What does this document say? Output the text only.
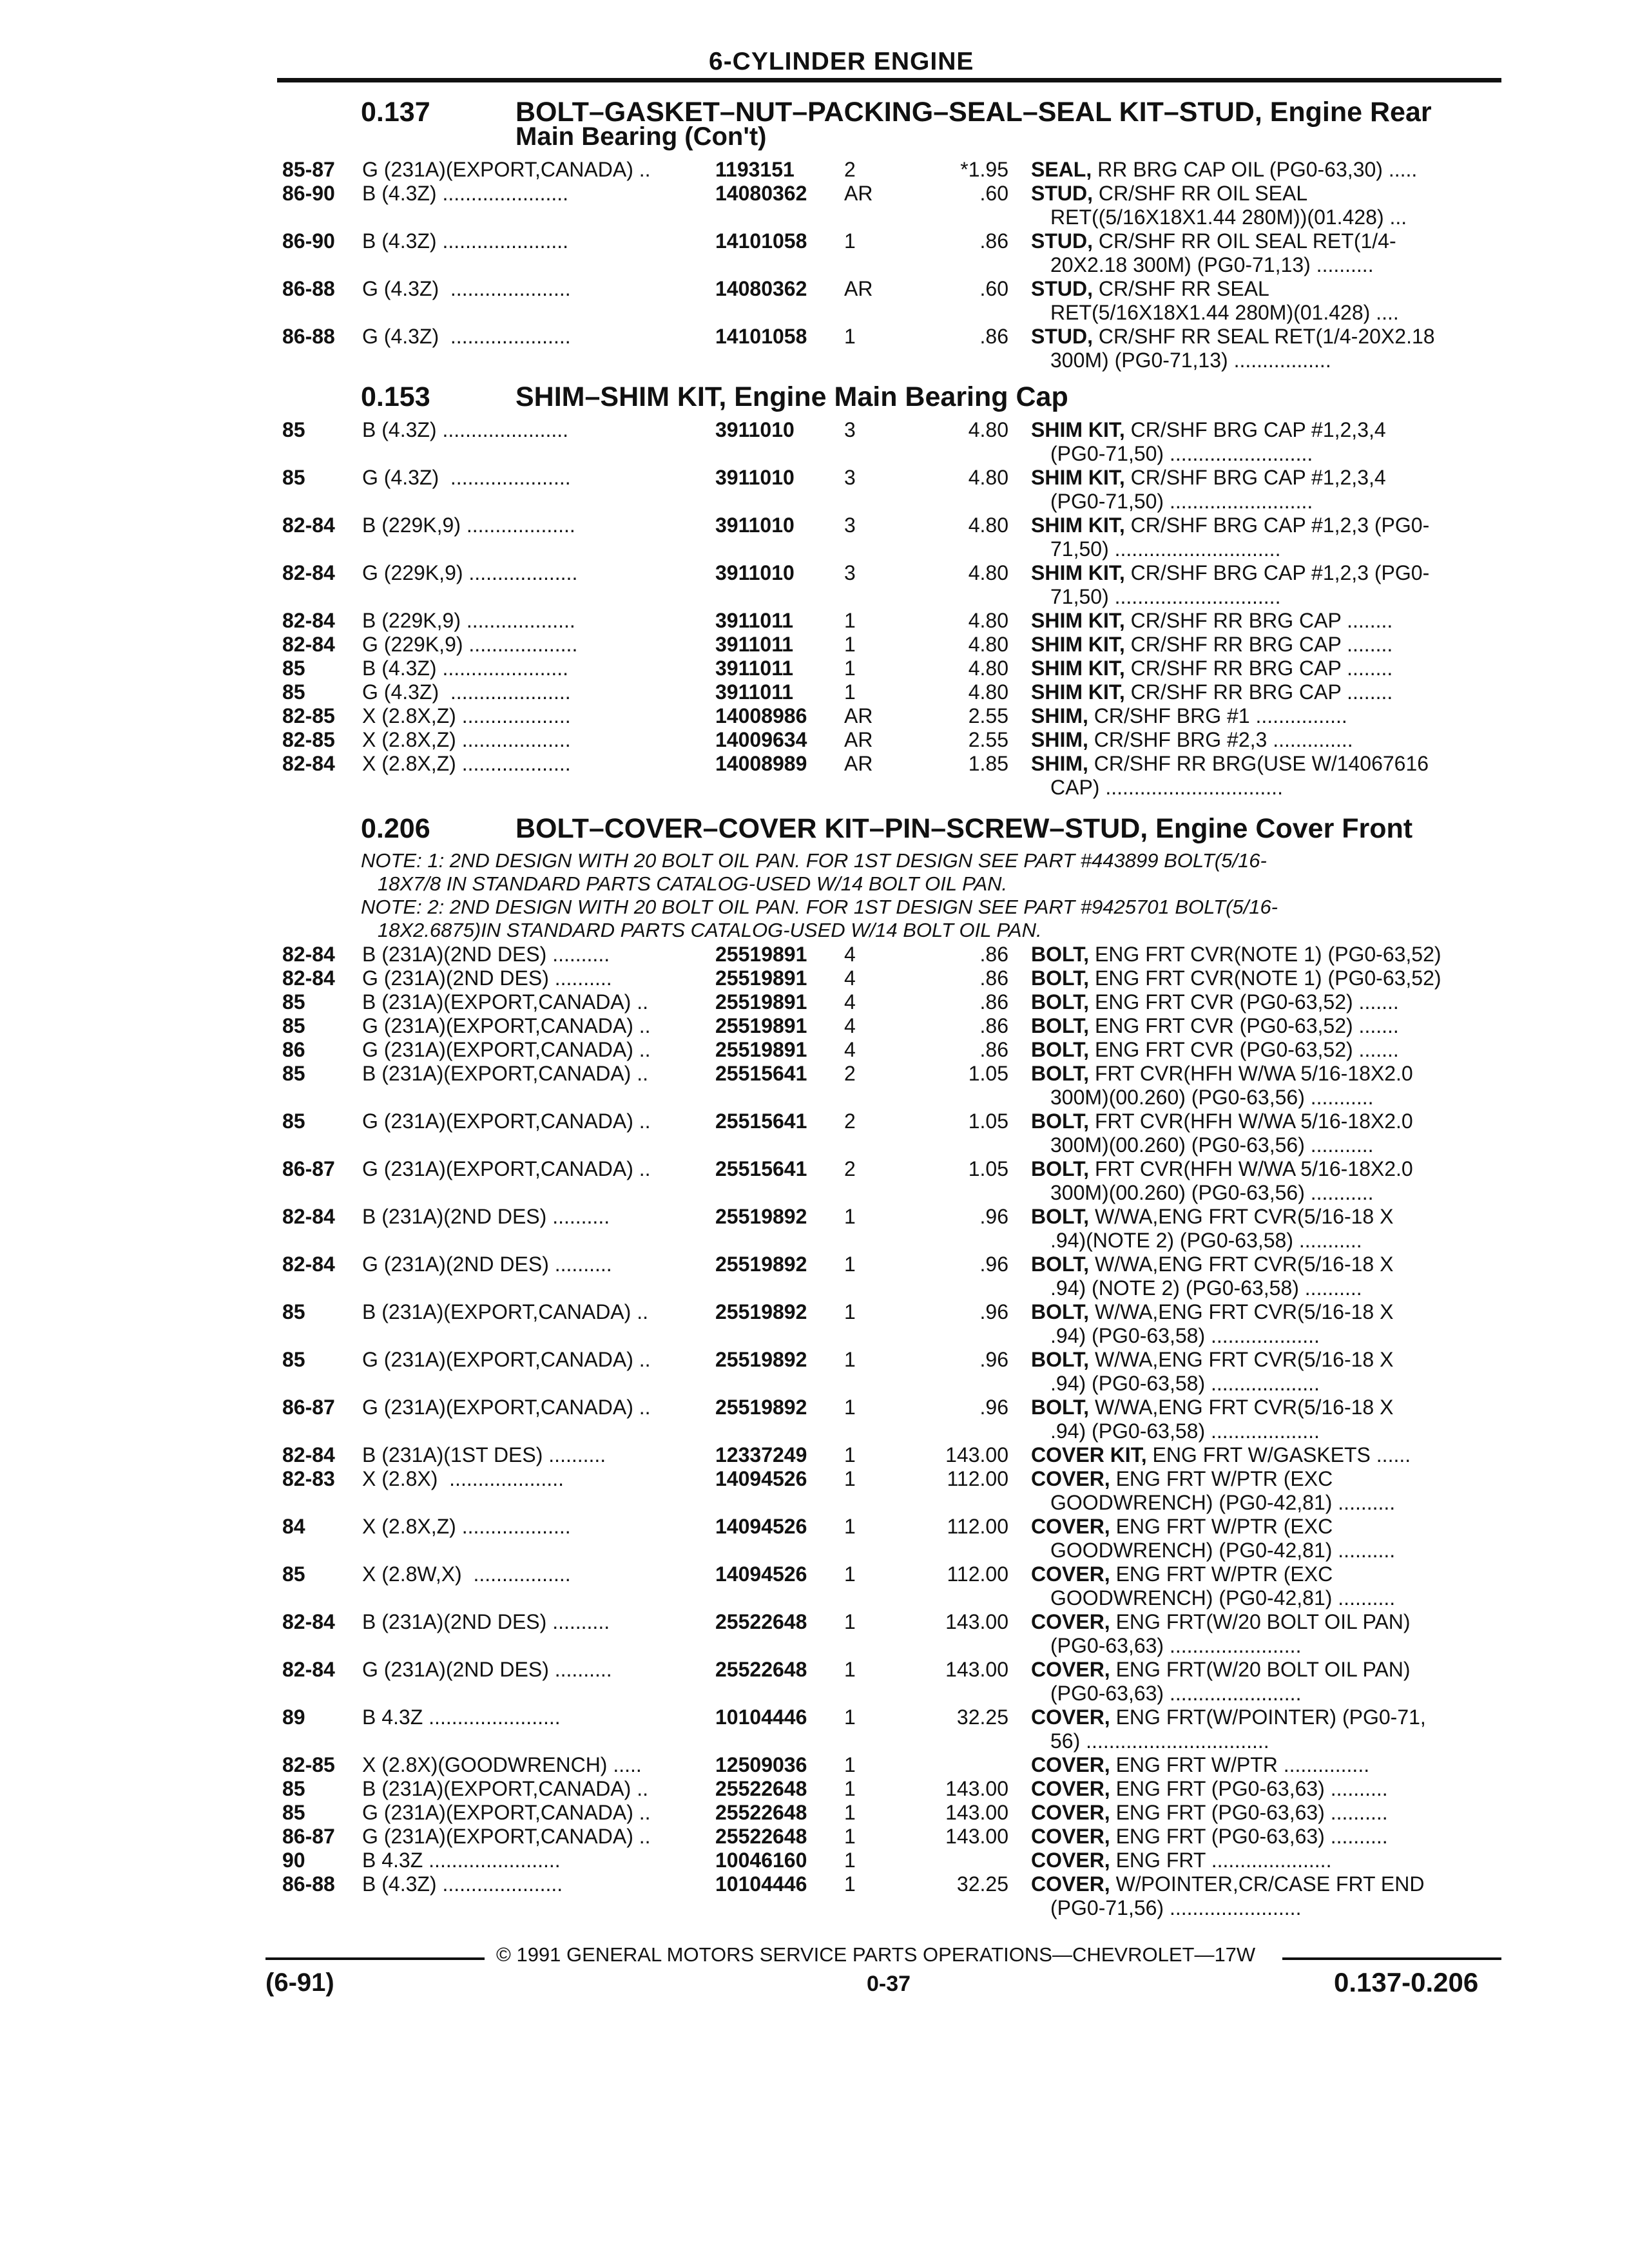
6-CYLINDER ENGINE
0.137	BOLT–GASKET–NUT–PACKING–SEAL–SEAL KIT–STUD, Engine Rear
Main Bearing (Con't)
85-87 G (231A)(EXPORT,CANADA) ..	1193151 2	*1.95 SEAL, RR BRG CAP OIL (PG0-63,30) .....
86-90 B (4.3Z) ......................	14080362 AR	.60 STUD, CR/SHF RR OIL SEAL
RET((5/16X18X1.44 280M))(01.428) ...
86-90 B (4.3Z) ......................	14101058 1	.86 STUD, CR/SHF RR OIL SEAL RET(1/4-
20X2.18 300M) (PG0-71,13) ..........
86-88 G (4.3Z)  .....................	14080362 AR	.60 STUD, CR/SHF RR SEAL
RET(5/16X18X1.44 280M)(01.428) ....
86-88 G (4.3Z)  .....................	14101058 1	.86 STUD, CR/SHF RR SEAL RET(1/4-20X2.18
300M) (PG0-71,13) .................
0.153	SHIM–SHIM KIT, Engine Main Bearing Cap
85	B (4.3Z) ......................	3911010 3	4.80 SHIM KIT, CR/SHF BRG CAP #1,2,3,4
(PG0-71,50) .........................
85	G (4.3Z)  .....................	3911010 3	4.80 SHIM KIT, CR/SHF BRG CAP #1,2,3,4
(PG0-71,50) .........................
82-84 B (229K,9) ...................	3911010 3	4.80 SHIM KIT, CR/SHF BRG CAP #1,2,3 (PG0-
71,50) .............................
82-84 G (229K,9) ...................	3911010 3	4.80 SHIM KIT, CR/SHF BRG CAP #1,2,3 (PG0-
71,50) .............................
82-84 B (229K,9) ...................	3911011 1	4.80 SHIM KIT, CR/SHF RR BRG CAP ........
82-84 G (229K,9) ...................	3911011 1	4.80 SHIM KIT, CR/SHF RR BRG CAP ........
85	B (4.3Z) ......................	3911011 1	4.80 SHIM KIT, CR/SHF RR BRG CAP ........
85	G (4.3Z)  .....................	3911011 1	4.80 SHIM KIT, CR/SHF RR BRG CAP ........
82-85 X (2.8X,Z) ...................	14008986 AR	2.55 SHIM, CR/SHF BRG #1 ................
82-85 X (2.8X,Z) ...................	14009634 AR	2.55 SHIM, CR/SHF BRG #2,3 ..............
82-84 X (2.8X,Z) ...................	14008989 AR	1.85 SHIM, CR/SHF RR BRG(USE W/14067616
CAP) ...............................
0.206	BOLT–COVER–COVER KIT–PIN–SCREW–STUD, Engine Cover Front
NOTE: 1: 2ND DESIGN WITH 20 BOLT OIL PAN. FOR 1ST DESIGN SEE PART #443899 BOLT(5/16-
18X7/8 IN STANDARD PARTS CATALOG-USED W/14 BOLT OIL PAN.
NOTE: 2: 2ND DESIGN WITH 20 BOLT OIL PAN. FOR 1ST DESIGN SEE PART #9425701 BOLT(5/16-
18X2.6875)IN STANDARD PARTS CATALOG-USED W/14 BOLT OIL PAN.
82-84 B (231A)(2ND DES) ..........	25519891 4	.86 BOLT, ENG FRT CVR(NOTE 1) (PG0-63,52)
82-84 G (231A)(2ND DES) ..........	25519891 4	.86 BOLT, ENG FRT CVR(NOTE 1) (PG0-63,52)
85	B (231A)(EXPORT,CANADA) ..	25519891 4	.86 BOLT, ENG FRT CVR (PG0-63,52) .......
85	G (231A)(EXPORT,CANADA) ..	25519891 4	.86 BOLT, ENG FRT CVR (PG0-63,52) .......
86	G (231A)(EXPORT,CANADA) ..	25519891 4	.86 BOLT, ENG FRT CVR (PG0-63,52) .......
85	B (231A)(EXPORT,CANADA) ..	25515641 2	1.05 BOLT, FRT CVR(HFH W/WA 5/16-18X2.0
300M)(00.260) (PG0-63,56) ...........
85	G (231A)(EXPORT,CANADA) ..	25515641 2	1.05 BOLT, FRT CVR(HFH W/WA 5/16-18X2.0
300M)(00.260) (PG0-63,56) ...........
86-87 G (231A)(EXPORT,CANADA) ..	25515641 2	1.05 BOLT, FRT CVR(HFH W/WA 5/16-18X2.0
300M)(00.260) (PG0-63,56) ...........
82-84 B (231A)(2ND DES) ..........	25519892 1	.96 BOLT, W/WA,ENG FRT CVR(5/16-18 X
.94)(NOTE 2) (PG0-63,58) ...........
82-84 G (231A)(2ND DES) ..........	25519892 1	.96 BOLT, W/WA,ENG FRT CVR(5/16-18 X
.94) (NOTE 2) (PG0-63,58) ..........
85	B (231A)(EXPORT,CANADA) ..	25519892 1	.96 BOLT, W/WA,ENG FRT CVR(5/16-18 X
.94) (PG0-63,58) ...................
85	G (231A)(EXPORT,CANADA) ..	25519892 1	.96 BOLT, W/WA,ENG FRT CVR(5/16-18 X
.94) (PG0-63,58) ...................
86-87 G (231A)(EXPORT,CANADA) ..	25519892 1	.96 BOLT, W/WA,ENG FRT CVR(5/16-18 X
.94) (PG0-63,58) ...................
82-84 B (231A)(1ST DES) ..........	12337249 1	143.00 COVER KIT, ENG FRT W/GASKETS ......
82-83 X (2.8X)  ....................	14094526 1	112.00 COVER, ENG FRT W/PTR (EXC
GOODWRENCH) (PG0-42,81) ..........
84	X (2.8X,Z) ...................	14094526 1	112.00 COVER, ENG FRT W/PTR (EXC
GOODWRENCH) (PG0-42,81) ..........
85	X (2.8W,X)  .................	14094526 1	112.00 COVER, ENG FRT W/PTR (EXC
GOODWRENCH) (PG0-42,81) ..........
82-84 B (231A)(2ND DES) ..........	25522648 1	143.00 COVER, ENG FRT(W/20 BOLT OIL PAN)
(PG0-63,63) .......................
82-84 G (231A)(2ND DES) ..........	25522648 1	143.00 COVER, ENG FRT(W/20 BOLT OIL PAN)
(PG0-63,63) .......................
89	B 4.3Z .......................	10104446 1	32.25 COVER, ENG FRT(W/POINTER) (PG0-71,
56) ................................
82-85 X (2.8X)(GOODWRENCH) .....	12509036 1	COVER, ENG FRT W/PTR ...............
85	B (231A)(EXPORT,CANADA) ..	25522648 1	143.00 COVER, ENG FRT (PG0-63,63) ..........
85	G (231A)(EXPORT,CANADA) ..	25522648 1	143.00 COVER, ENG FRT (PG0-63,63) ..........
86-87 G (231A)(EXPORT,CANADA) ..	25522648 1	143.00 COVER, ENG FRT (PG0-63,63) ..........
90	B 4.3Z .......................	10046160 1	COVER, ENG FRT .....................
86-88 B (4.3Z) .....................	10104446 1	32.25 COVER, W/POINTER,CR/CASE FRT END
(PG0-71,56) .......................
© 1991 GENERAL MOTORS SERVICE PARTS OPERATIONS—CHEVROLET—17W
(6-91)	0-37	0.137-0.206
